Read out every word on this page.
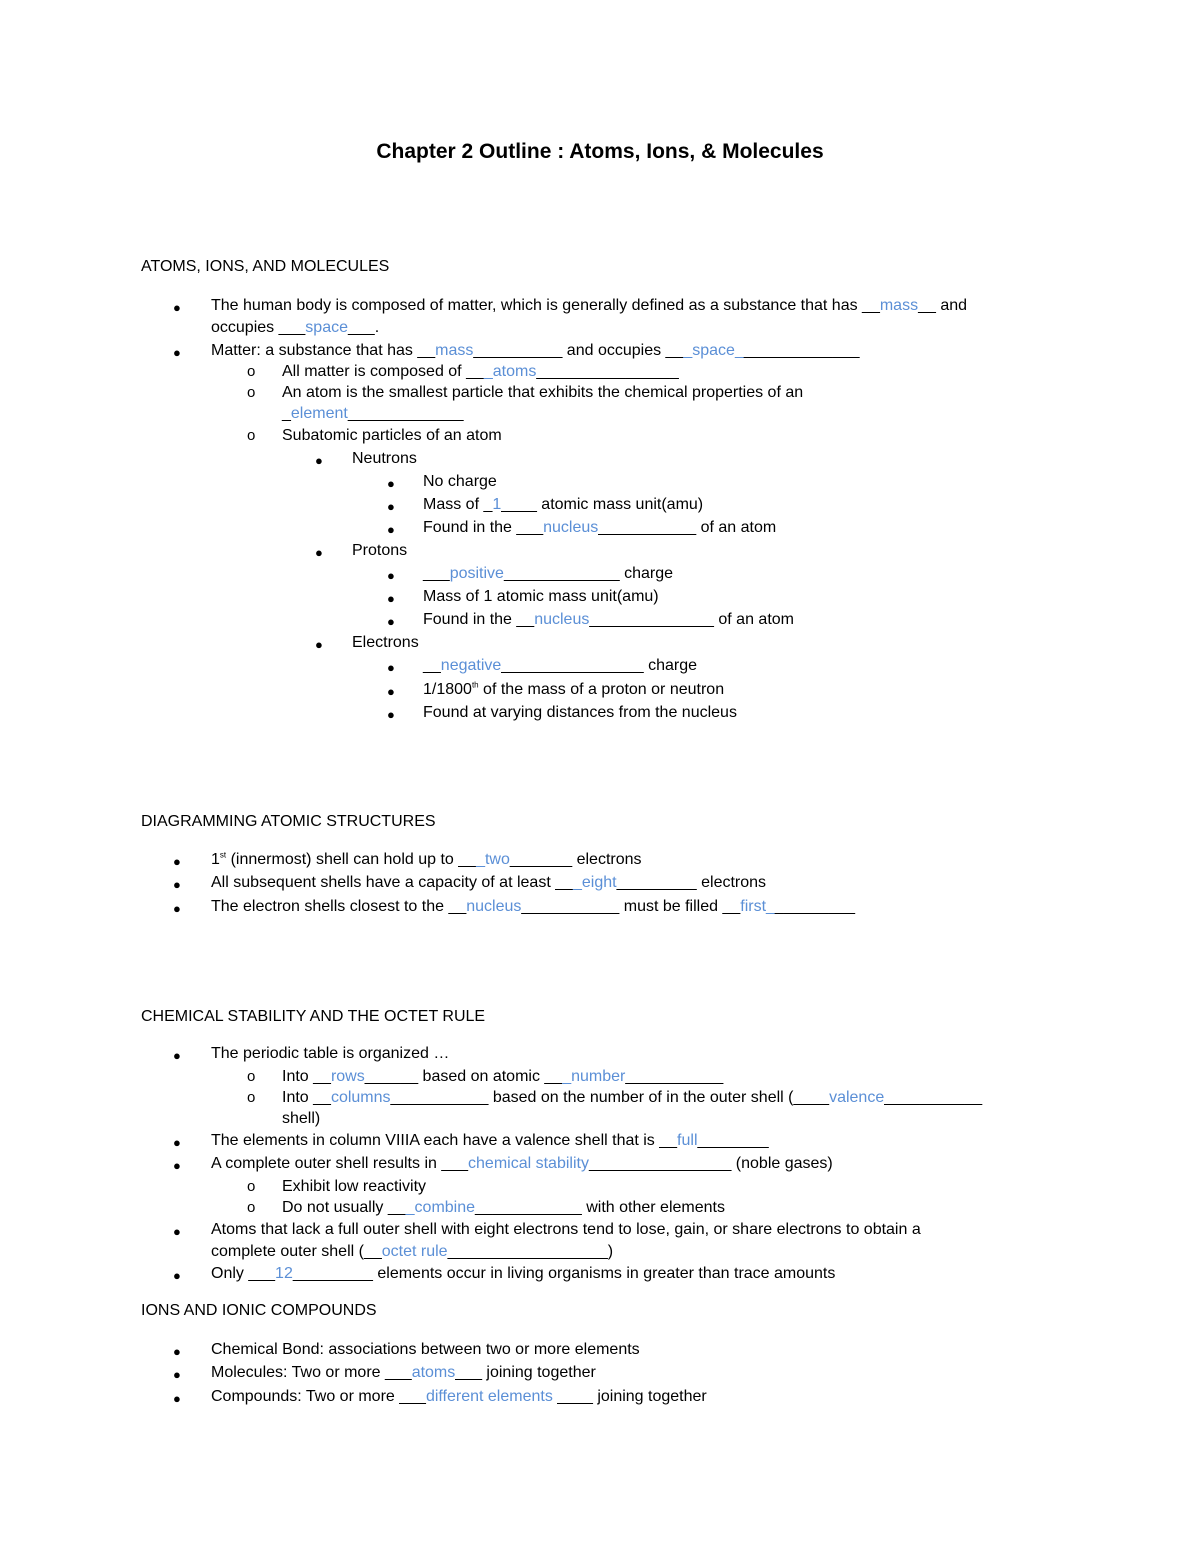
Chapter 2 Outline : Atoms, Ions, & Molecules
ATOMS, IONS, AND MOLECULES
● The human body is composed of matter, which is generally defined as a substance that has __mass__ and
occupies ___space___.
● Matter: a substance that has __mass__________ and occupies ___space______________
o All matter is composed of ___atoms________________
o An atom is the smallest particle that exhibits the chemical properties of an
_element_____________
o Subatomic particles of an atom
● Neutrons
● No charge
● Mass of _1____ atomic mass unit(amu)
● Found in the ___nucleus___________ of an atom
● Protons
● ___positive_____________ charge
● Mass of 1 atomic mass unit(amu)
● Found in the __nucleus______________ of an atom
● Electrons
● __negative________________ charge
● 1/1800th of the mass of a proton or neutron
● Found at varying distances from the nucleus
DIAGRAMMING ATOMIC STRUCTURES
● 1st (innermost) shell can hold up to ___two_______ electrons
● All subsequent shells have a capacity of at least ___eight_________ electrons
● The electron shells closest to the __nucleus___________ must be filled __first__________
CHEMICAL STABILITY AND THE OCTET RULE
● The periodic table is organized …
o Into __rows______ based on atomic ___number___________
o Into __columns___________ based on the number of in the outer shell (____valence___________
shell)
● The elements in column VIIIA each have a valence shell that is __full________
● A complete outer shell results in ___chemical stability________________ (noble gases)
o Exhibit low reactivity
o Do not usually ___combine____________ with other elements
● Atoms that lack a full outer shell with eight electrons tend to lose, gain, or share electrons to obtain a
complete outer shell (__octet rule__________________)
● Only ___12_________ elements occur in living organisms in greater than trace amounts
IONS AND IONIC COMPOUNDS
● Chemical Bond: associations between two or more elements
● Molecules: Two or more ___atoms___ joining together
● Compounds: Two or more ___different elements ____ joining together
